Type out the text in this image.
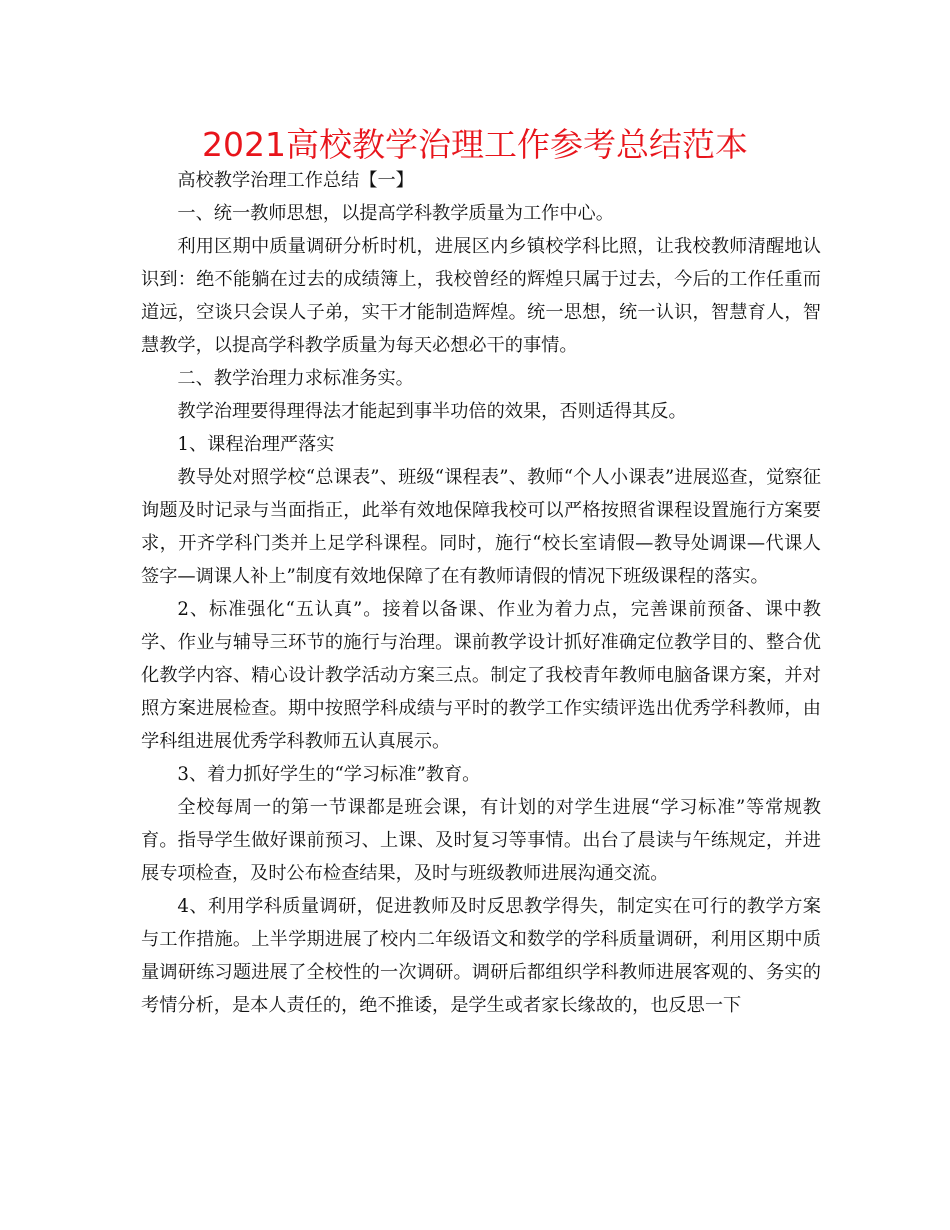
2021高校教学治理工作参考总结范本

高校教学治理工作总结【一】

一、统一教师思想，以提高学科教学质量为工作中心。

利用区期中质量调研分析时机，进展区内乡镇校学科比照，让我校教师清醒地认识到：绝不能躺在过去的成绩簿上，我校曾经的辉煌只属于过去，今后的工作任重而道远，空谈只会误人子弟，实干才能制造辉煌。统一思想，统一认识，智慧育人，智慧教学，以提高学科教学质量为每天必想必干的事情。

二、教学治理力求标准务实。

教学治理要得理得法才能起到事半功倍的效果，否则适得其反。

1、课程治理严落实

教导处对照学校“总课表”、班级“课程表”、教师“个人小课表”进展巡查，觉察征询题及时记录与当面指正，此举有效地保障我校可以严格按照省课程设置施行方案要求，开齐学科门类并上足学科课程。同时，施行“校长室请假—教导处调课—代课人签字—调课人补上”制度有效地保障了在有教师请假的情况下班级课程的落实。

2、标准强化“五认真”。接着以备课、作业为着力点，完善课前预备、课中教学、作业与辅导三环节的施行与治理。课前教学设计抓好准确定位教学目的、整合优化教学内容、精心设计教学活动方案三点。制定了我校青年教师电脑备课方案，并对照方案进展检查。期中按照学科成绩与平时的教学工作实绩评选出优秀学科教师，由学科组进展优秀学科教师五认真展示。

3、着力抓好学生的“学习标准”教育。

全校每周一的第一节课都是班会课，有计划的对学生进展“学习标准”等常规教育。指导学生做好课前预习、上课、及时复习等事情。出台了晨读与午练规定，并进展专项检查，及时公布检查结果，及时与班级教师进展沟通交流。

4、利用学科质量调研，促进教师及时反思教学得失，制定实在可行的教学方案与工作措施。上半学期进展了校内二年级语文和数学的学科质量调研，利用区期中质量调研练习题进展了全校性的一次调研。调研后都组织学科教师进展客观的、务实的考情分析，是本人责任的，绝不推诿，是学生或者家长缘故的，也反思一下
